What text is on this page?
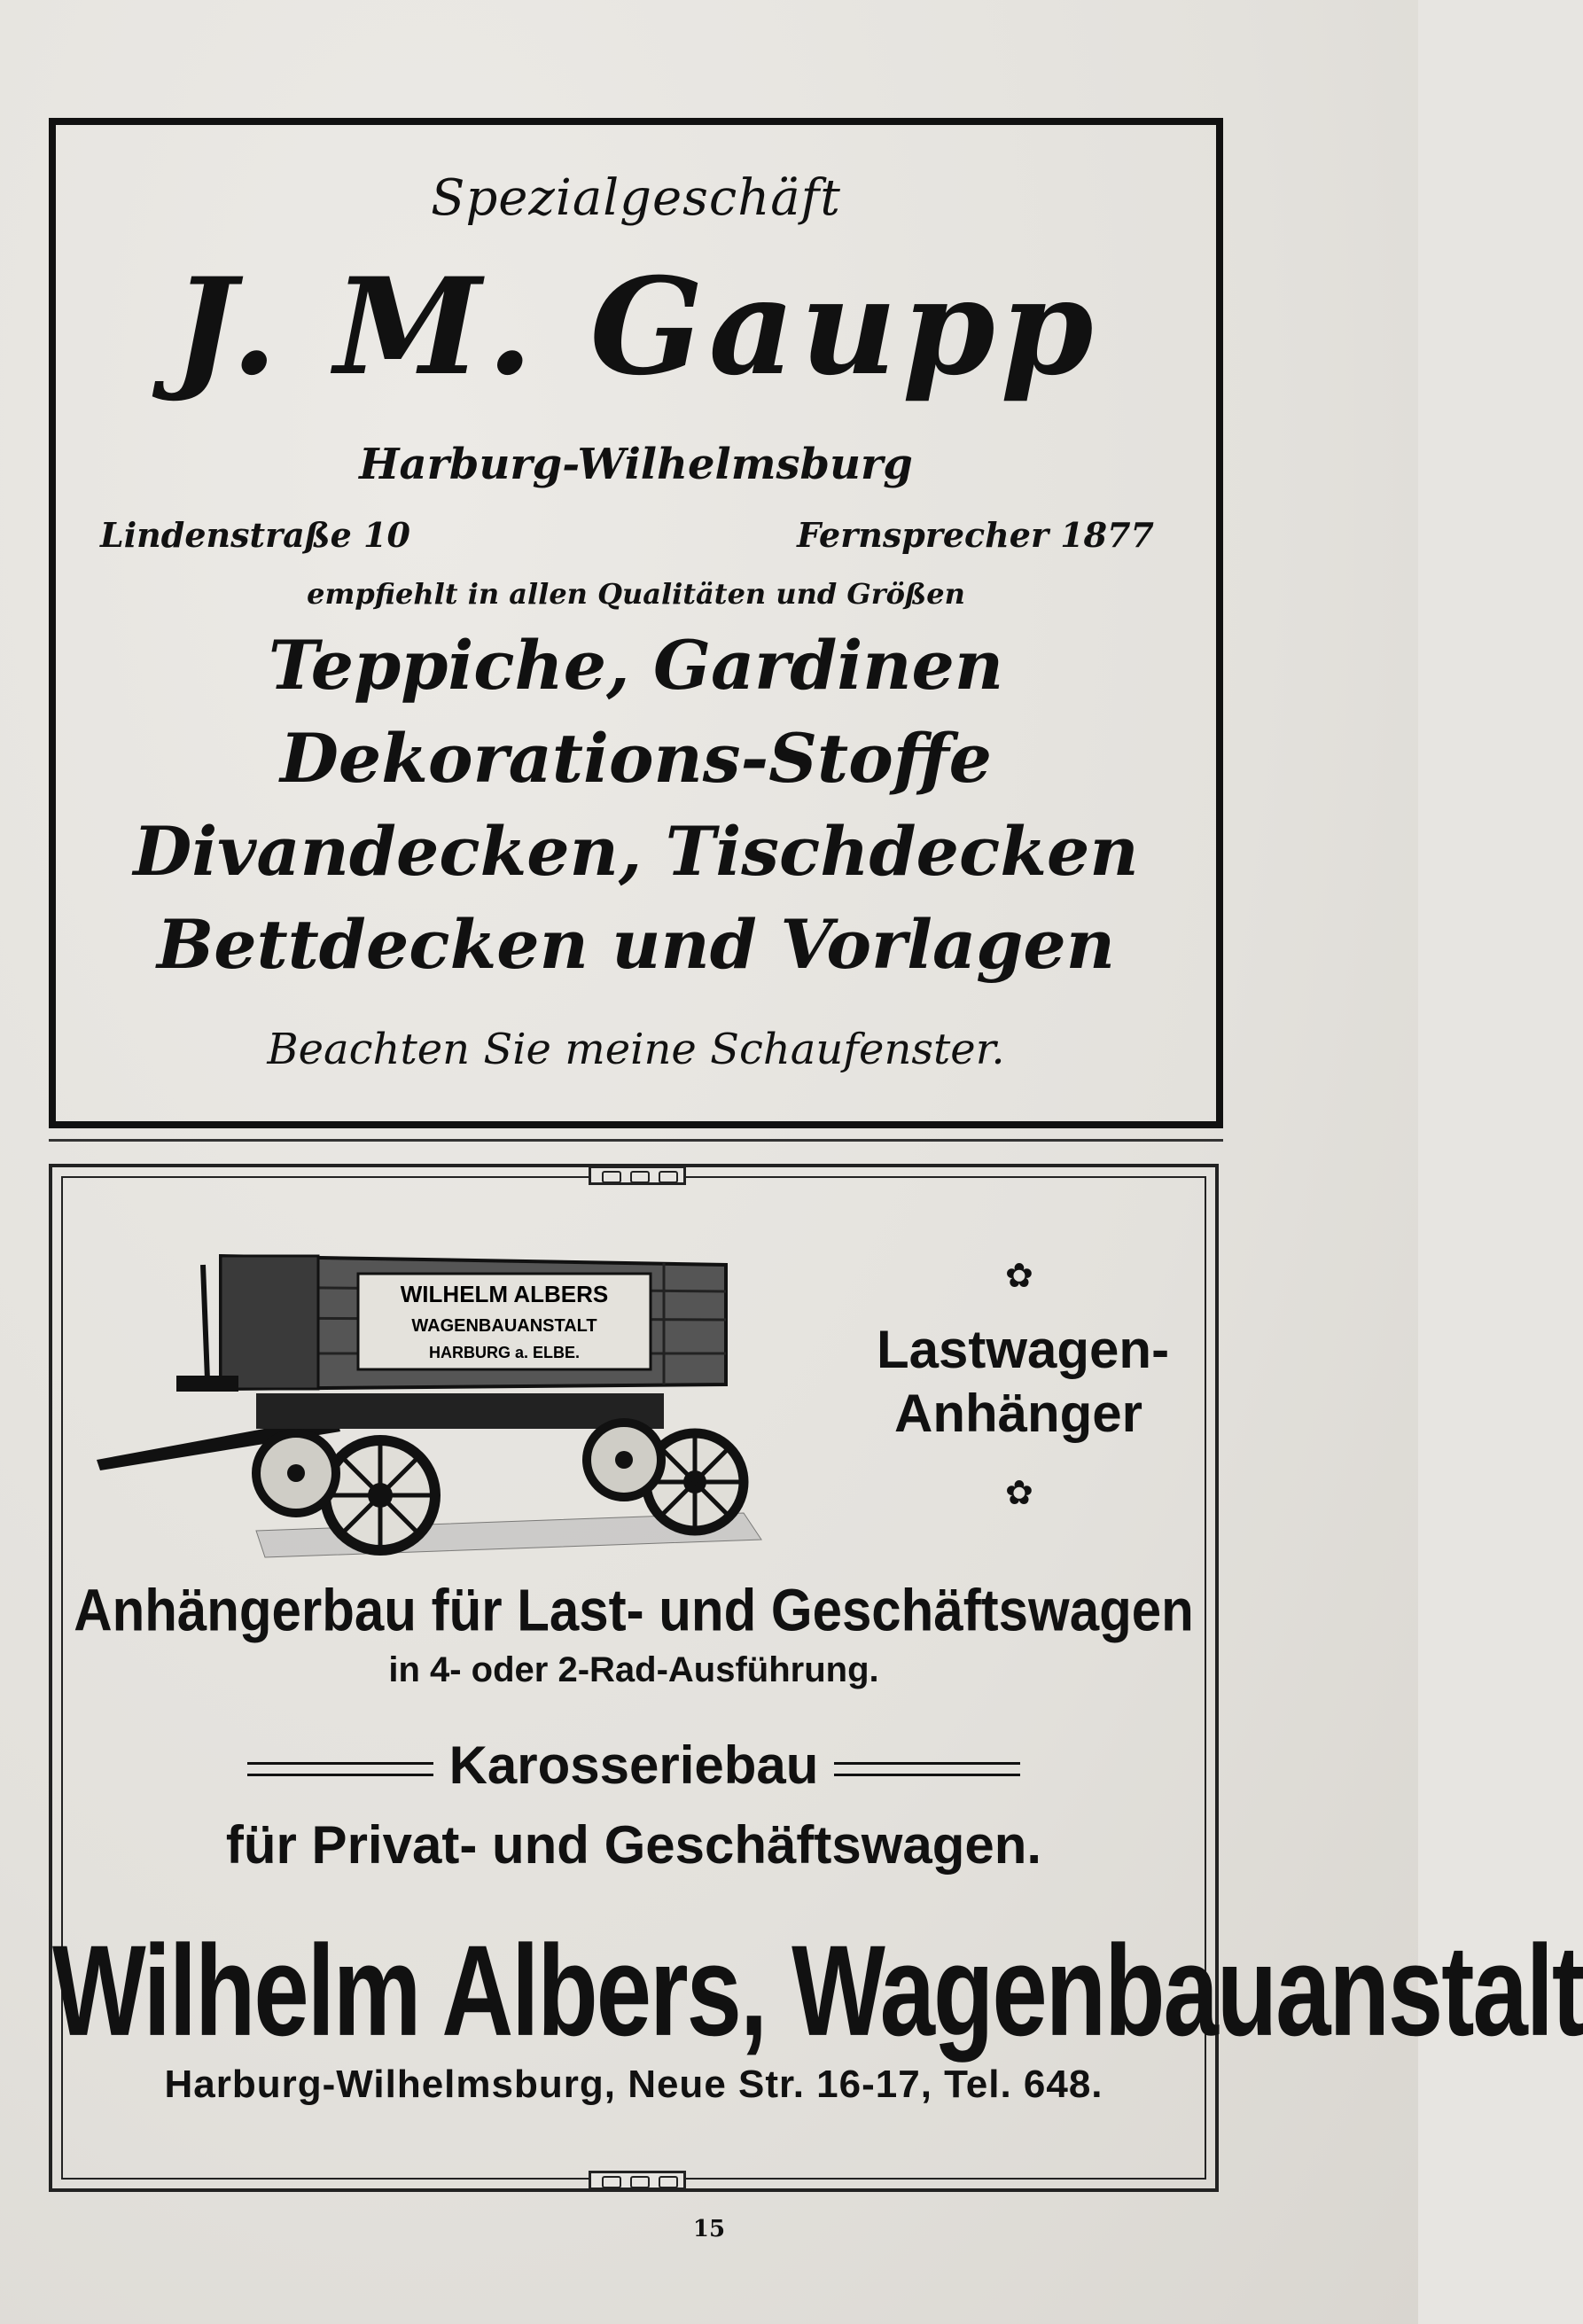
Spezialgeschäft
J. M. Gaupp
Harburg-Wilhelmsburg
Lindenstraße 10	Fernsprecher 1877
empfiehlt in allen Qualitäten und Größen
Teppiche, Gardinen
Dekorations-Stoffe
Divandecken, Tischdecken
Bettdecken und Vorlagen
Beachten Sie meine Schaufenster.
WILHELM ALBERS
WAGENBAUANSTALT
HARBURG a. ELBE.
✿
Lastwagen-
Anhänger
✿
Anhängerbau für Last- und Geschäftswagen
in 4- oder 2-Rad-Ausführung.
Karosseriebau
für Privat- und Geschäftswagen.
Wilhelm Albers, Wagenbauanstalt
Harburg-Wilhelmsburg, Neue Str. 16-17, Tel. 648.
15
